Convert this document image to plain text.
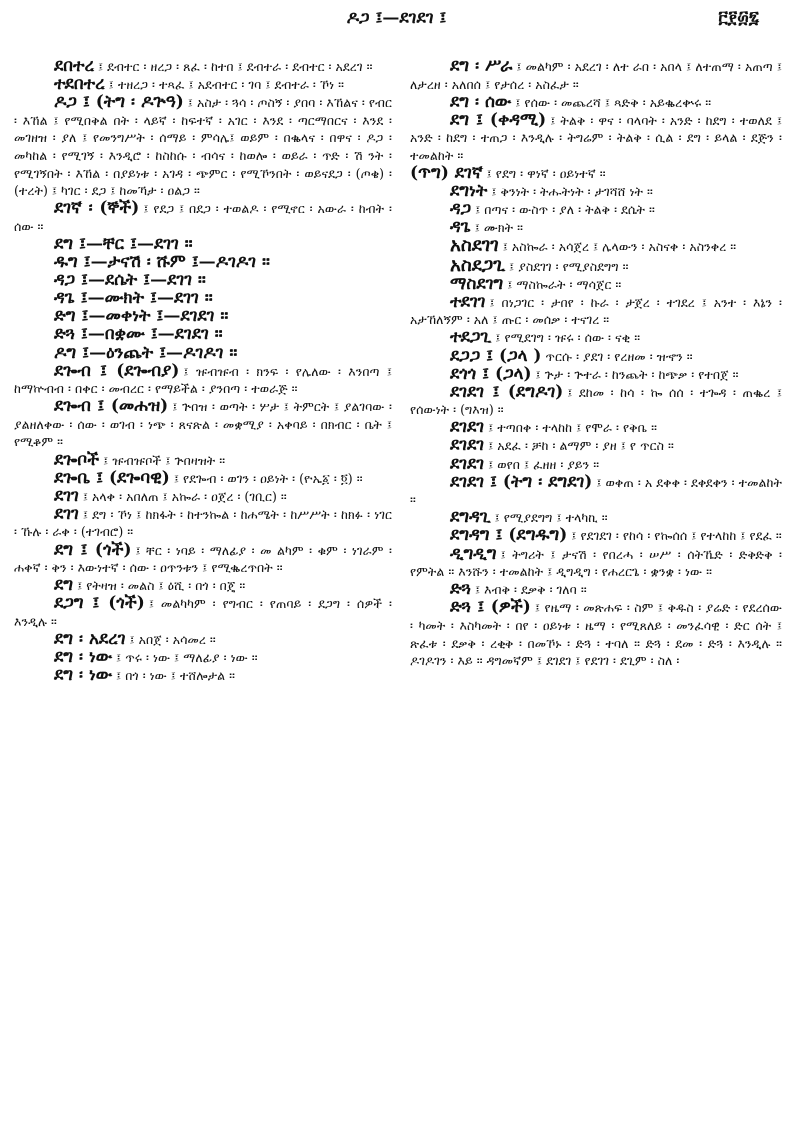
ዶጋ ፤—ደገደገ ፤	፫፻፴፯
ደበተረ ፤ ደብተር ፡ ዘረጋ ፡ ጸፈ ፡ ከተበ ፤ ደብተራ ፡ ደብተር ፡ አደረገ ።
ተደበተረ ፤ ተዘረጋ ፡ ተጻፈ ፤ አደብተር ፡ ገባ ፤ ደብተራ ፡ ኾነ ።
ዶጋ ፤ (ትግ ፡ ዶጕዓ) ፤ አስታ ፡ ጓሳ ፡ ጦስኝ ፡ ያበባ ፡ እኸልና ፡ የብር ፡ እኸል ፤ የሚበቅል በት ፡ ላይኛ ፡ ከፍተኛ ፡ አገር ፡ እንደ ፡ ጣርማበርና ፡ እንደ ፡ መገዘዝ ፡ ያለ ፤ የመንግሥት ፡ ሰማይ ፡ ምሳሌ፤ ወይም ፡ በቈላና ፡ በዋና ፡ ዶጋ ፡ መካከል ፡ የሚገኝ ፡ እንዲሮ ፡ ከስከሱ ፡ ብሳና ፡ ከወሎ ፡ ወይራ ፡ ጥድ ፡ ሽ ንት ፡ የሚገኝበት ፡ እኸል ፡ በያይነቱ ፡ አገዳ ፡ ጭምር ፡ የሚኾንበት ፡ ወይናደጋ ፡ (ጦቄ) ፡ (ተረት) ፤ ካገር ፡ ደጋ ፤ ከመኻታ ፡ ዐልጋ ።
ደገኛ ፡ (ኞች) ፤ የደጋ ፤ በደጋ ፡ ተወልዶ ፡ የሚኖር ፡ አውራ ፡ ከብት ፡ ሰው ።
ደግ ፤—ቸር ፤—ደገገ ።
ዱግ ፤—ታናሽ ፡ ሹም ፤—ዶገዶገ ።
ዳጋ ፤—ደሴት ፤—ደገገ ።
ዳጌ ፤—ሙክት ፤—ደገገ ።
ድግ ፤—መቀነት ፤—ደገደገ ።
ድጓ ፤—በቋሙ ፤—ደገደገ ።
ዶግ ፤—ዕንጨት ፤—ዶገዶገ ።
ደጐብ ፤ (ደጐብያ) ፤ ዡብዡብ ፡ ክንፍ ፡ የሌለው ፡ እንበጣ ፤ ከማኵብብ ፡ በቀር ፡ መብረር ፡ የማይችል ፡ ያንበጣ ፡ ተወራጅ ።
ደጐብ ፤ (መሐዝ) ፤ ጕበዝ ፡ ወጣት ፡ ሦታ ፤ ትምርት ፤ ያልገባው ፡ ያልዘለቀው ፡ ሰው ፡ ወገብ ፡ ነጭ ፡ ጸናጽል ፡ መቋሚያ ፡ አቀባይ ፡ በክብር ፡ ቤት ፤ የሚቆም ።
ደጐቦች ፤ ዡብዡቦች ፤ ጕበዛዝት ።
ደጐቤ ፤ (ደጐባዊ) ፤ የደጐብ ፡ ወገን ፡ ዐይነት ፡ (ዮኤ፩ ፡ ፬) ።
ደገገ ፤ አላቀ ፡ አበለጠ ፤ አኰራ ፡ ዐጀረ ፡ (ገቢር) ።
ደገገ ፤ ደግ ፡ ኾነ ፤ ከክፋት ፡ ከተንኰል ፡ ከሐሜት ፡ ከሥሥት ፡ ከክፉ ፡ ነገር ፡ ኹሉ ፡ ራቀ ፡ (ተገብሮ) ።
ደግ ፤ (ጎች) ፤ ቸር ፡ ነባይ ፡ ማለፊያ ፡ መ ልካም ፡ ቁም ፡ ነገራም ፡ ሐቀኛ ፡ ቅን ፡ እውነተኛ ፡ ሰው ፡ ዐጥንቱን ፤ የሚቈረጥበት ።
ደግ ፤ የትዛዝ ፡ መልስ ፤ ዕሺ ፡ በጎ ፡ በጄ ።
ደጋግ ፤ (ጎች) ፤ መልካካም ፡ የግብር ፡ የጠባይ ፡ ደጋግ ፡ ሰዎች ፡ እንዲሉ ።
ደግ ፡ አደረገ ፤ አበጀ ፡ አሳመረ ።
ደግ ፡ ነው ፤ ጥሩ ፡ ነው ፤ ማለፊያ ፡ ነው ።
ደግ ፡ ነው ፤ በጎ ፡ ነው ፤ ተሸሎታል ።
ደግ ፡ ሥራ ፤ መልካም ፡ አደረገ ፡ ለተ ራበ ፡ አበላ ፤ ለተጠማ ፡ አጠጣ ፤ ለታረዘ ፡ አለበሰ ፤ የታሰረ ፡ አስፈታ ።
ደግ ፡ ሰው ፤ የሰው ፡ መጨረሻ ፤ ጻድቅ ፡ አይቈረቍሩ ።
ደግ ፤ (ቀዳሚ) ፤ ትልቅ ፡ ዋና ፡ ባላባት ፡ አንድ ፡ ከደግ ፡ ተወለደ ፤ አንድ ፡ ከደግ ፡ ተጠጋ ፡ እንዲሉ ፡ ትግሬም ፡ ትልቅ ፡ ሲል ፡ ደግ ፡ ይላል ፡ ደጅን ፡ ተመልከት ።
(ጥግ) ደገኛ ፤ የደግ ፡ ዋነኛ ፡ ዐይነተኛ ።
ደግነት ፤ ቅንነት ፡ ትሑትነት ፡ ታገሻሸ ነት ።
ዳጋ ፤ በጣና ፡ ውስጥ ፡ ያለ ፡ ትልቅ ፡ ደሴት ።
ዳጌ ፤ ሙክት ።
አስደገገ ፤ አስኰራ ፡ አሳጀረ ፤ ሌላውን ፡ አስናቀ ፡ አስንቀረ ።
አስደጋጊ ፤ ያስደገገ ፡ የሚያስደግግ ።
ማስደገግ ፤ ማስኰራት ፡ ማሳጀር ።
ተደገገ ፤ በነጋገር ፡ ታበየ ፡ ኩራ ፡ ታጀረ ፡ ተገደረ ፤ አንተ ፡ እኔን ፡ አታኸለኝም ፡ አለ ፤ ጡር ፡ መሰቃ ፡ ተናገረ ።
ተደጋጊ ፤ የሚደገግ ፡ ዡሩ ፡ ሰው ፡ ናቂ ።
ደጋጋ ፤ (ጋላ ) ጥርሱ ፡ ያደገ ፡ የረዘመ ፡ ዝኆን ።
ደጎጎ ፤ (ጋላ) ፤ ጕታ ፡ ጕተራ ፡ ከንጨት ፡ ከጭቃ ፡ የተበጀ ።
ደገደገ ፤ (ደግዶገ) ፤ ደከመ ፡ ከሳ ፡ ኰ ሰሰ ፡ ተጐዳ ፡ ጠቈረ ፤ የሰውነት ፡ (ግእዝ) ።
ደገደገ ፤ ተጣበቀ ፡ ተላከከ ፤ የሞራ ፡ የቅቤ ።
ደገደገ ፤ አደፈ ፡ ቻከ ፡ ልማም ፡ ያዘ ፤ የ ጥርስ ።
ደገደገ ፤ ወየበ ፤ ፈዘዘ ፡ ያይን ።
ደገደገ ፤ (ትግ ፡ ደግደገ) ፤ ወቀጠ ፡ አ ደቀቀ ፡ ደቀደቀን ፡ ተመልከት ።
ደግዳጊ ፤ የሚያደግግ ፤ ተላካኪ ።
ደግዳግ ፤ (ደግዱግ) ፤ የደገደገ ፡ የከሳ ፡ የኰሰሰ ፤ የተላከከ ፤ የደፈ ።
ዲግዲግ ፤ ትግሪት ፤ ታናሽ ፡ የበረሓ ፡ ሠሥ ፡ ሰትኼድ ፡ ድቅድቅ ፡ የምትል ። እንሹን ፡ ተመልከት ፤ ዲግዲግ ፡ የሐረርጌ ፡ ቋንቋ ፡ ነው ።
ድጓ ፤ እብቅ ፡ ደቃቅ ፡ ገለባ ።
ድጓ ፤ (ዎች) ፤ የዜማ ፡ መጽሐፍ ፡ ስም ፤ ቅዱስ ፡ ያሬድ ፡ የደረሰው ፡ ካመት ፡ እስካመት ፡ በየ ፡ ዐይነቱ ፡ ዜማ ፡ የሚጸለይ ፡ መንፈሳዊ ፡ ድር ሰት ፤ ጽፈቱ ፡ ደቃቅ ፡ ረቂቅ ፡ በመኾኑ ፡ ድጓ ፡ ተባለ ። ድጓ ፡ ደመ ፡ ድጓ ፡ እንዲሉ ። ዶገዶገን ፡ እይ ። ዳግመኛም ፤ ደገደገ ፤ የደገገ ፡ ደጊም ፡ ስለ ፡
